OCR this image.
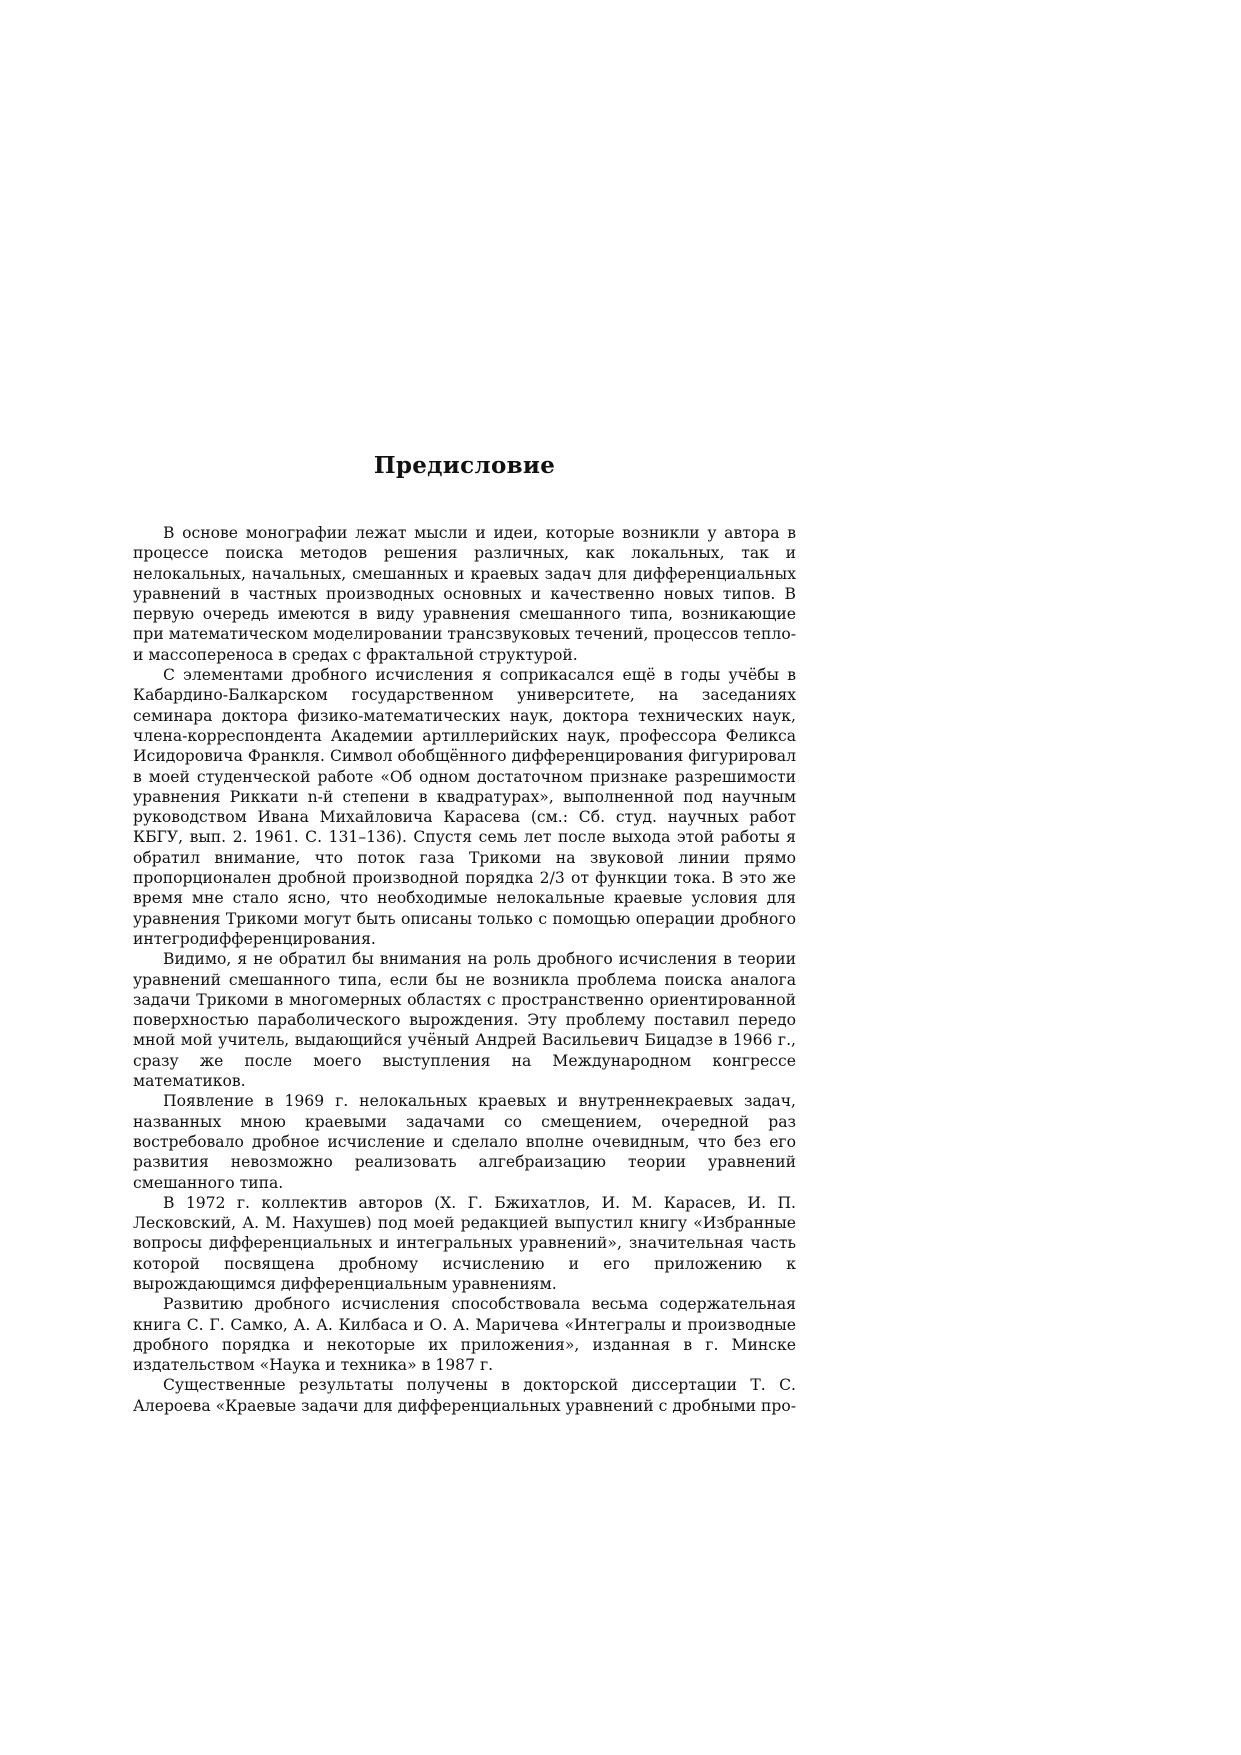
Предисловие

В основе монографии лежат мысли и идеи, которые возникли у автора в процессе поиска методов решения различных, как локальных, так и нелокальных, начальных, смешанных и краевых задач для дифференциальных уравнений в частных производных основных и качественно новых типов. В первую очередь имеются в виду уравнения смешанного типа, возникающие при математическом моделировании трансзвуковых течений, процессов тепло- и массопереноса в средах с фрактальной структурой.

С элементами дробного исчисления я соприкасался ещё в годы учёбы в Кабардино-Балкарском государственном университете, на заседаниях семинара доктора физико-математических наук, доктора технических наук, члена-корреспондента Академии артиллерийских наук, профессора Феликса Исидоровича Франкля. Символ обобщённого дифференцирования фигурировал в моей студенческой работе «Об одном достаточном признаке разрешимости уравнения Риккати n-й степени в квадратурах», выполненной под научным руководством Ивана Михайловича Карасева (см.: Сб. студ. научных работ КБГУ, вып. 2. 1961. С. 131–136). Спустя семь лет после выхода этой работы я обратил внимание, что поток газа Трикоми на звуковой линии прямо пропорционален дробной производной порядка 2/3 от функции тока. В это же время мне стало ясно, что необходимые нелокальные краевые условия для уравнения Трикоми могут быть описаны только с помощью операции дробного интегродифференцирования.

Видимо, я не обратил бы внимания на роль дробного исчисления в теории уравнений смешанного типа, если бы не возникла проблема поиска аналога задачи Трикоми в многомерных областях с пространственно ориентированной поверхностью параболического вырождения. Эту проблему поставил передо мной мой учитель, выдающийся учёный Андрей Васильевич Бицадзе в 1966 г., сразу же после моего выступления на Международном конгрессе математиков.

Появление в 1969 г. нелокальных краевых и внутреннекраевых задач, названных мною краевыми задачами со смещением, очередной раз востребовало дробное исчисление и сделало вполне очевидным, что без его развития невозможно реализовать алгебраизацию теории уравнений смешанного типа.

В 1972 г. коллектив авторов (Х. Г. Бжихатлов, И. М. Карасев, И. П. Лесковский, А. М. Нахушев) под моей редакцией выпустил книгу «Избранные вопросы дифференциальных и интегральных уравнений», значительная часть которой посвящена дробному исчислению и его приложению к вырождающимся дифференциальным уравнениям.

Развитию дробного исчисления способствовала весьма содержательная книга С. Г. Самко, А. А. Килбаса и О. А. Маричева «Интегралы и производные дробного порядка и некоторые их приложения», изданная в г. Минске издательством «Наука и техника» в 1987 г.

Существенные результаты получены в докторской диссертации Т. С. Алероева «Краевые задачи для дифференциальных уравнений с дробными про-
